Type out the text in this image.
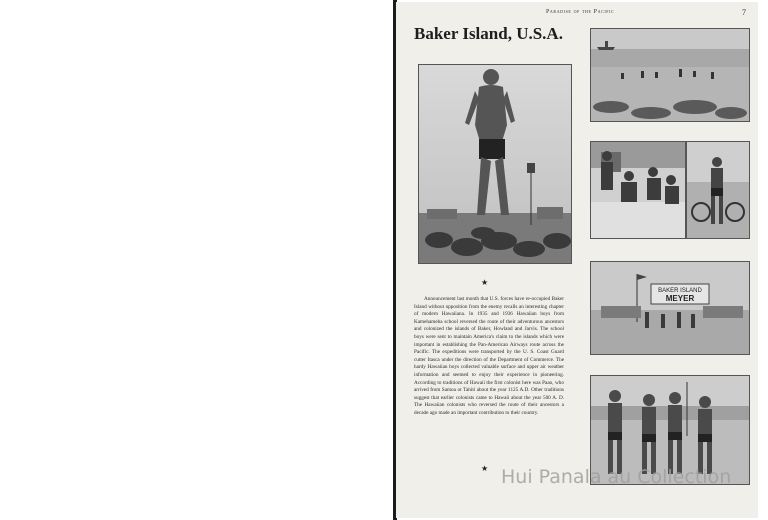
Paradise of the Pacific	7
Baker Island, U.S.A.
★
Announcement last month that U.S. forces have re-occupied Baker Island without opposition from the enemy recalls an interesting chapter of modern Hawaiiana. In 1935 and 1936 Hawaiian boys from Kamehameha school reversed the route of their adventurous ancestors and colonized the islands of Baker, Howland and Jarvis. The school boys were sent to maintain America's claim to the islands which were important in establishing the Pan-American Airways route across the Pacific. The expeditions were transported by the U. S. Coast Guard cutter Itasca under the direction of the Department of Commerce. The hardy Hawaiian boys collected valuable surface and upper air weather information and seemed to enjoy their experience in pioneering. According to traditions of Hawaii the first colonist here was Paao, who arrived from Samoa or Tahiti about the year 1125 A.D. Other traditions suggest that earlier colonists came to Hawaii about the year 500 A. D. The Hawaiian colonists who reversed the route of their ancestors a decade ago made an important contribution to their country.
★
BAKER ISLAND
MEYER
Hui Panala au Collection
